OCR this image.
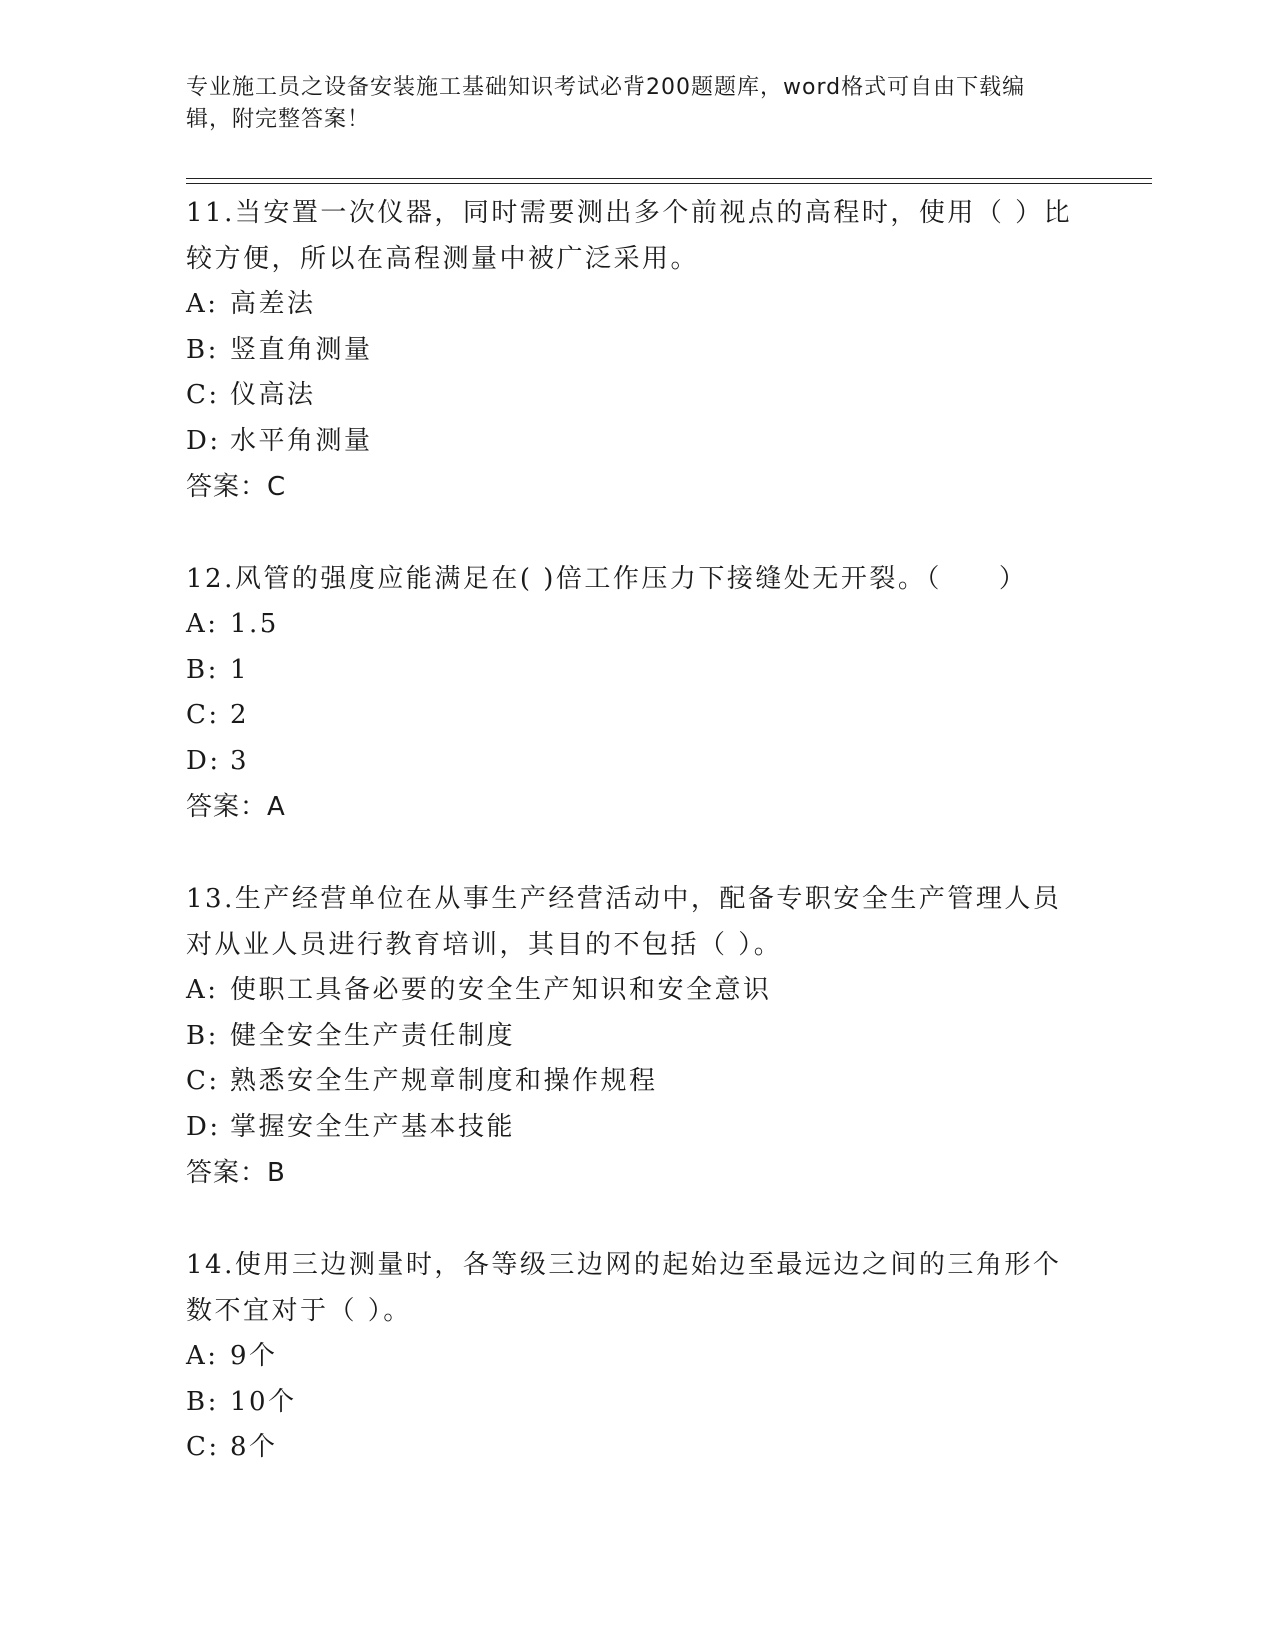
专业施工员之设备安装施工基础知识考试必背200题题库，word格式可自由下载编辑，附完整答案！
11.当安置一次仪器，同时需要测出多个前视点的高程时，使用（ ）比较方便，所以在高程测量中被广泛采用。
A: 高差法
B: 竖直角测量
C: 仪高法
D: 水平角测量
答案：C
12.风管的强度应能满足在( )倍工作压力下接缝处无开裂。（　　）
A: 1.5
B: 1
C: 2
D: 3
答案：A
13.生产经营单位在从事生产经营活动中，配备专职安全生产管理人员对从业人员进行教育培训，其目的不包括（ ）。
A: 使职工具备必要的安全生产知识和安全意识
B: 健全安全生产责任制度
C: 熟悉安全生产规章制度和操作规程
D: 掌握安全生产基本技能
答案：B
14.使用三边测量时，各等级三边网的起始边至最远边之间的三角形个数不宜对于（ ）。
A: 9个
B: 10个
C: 8个
